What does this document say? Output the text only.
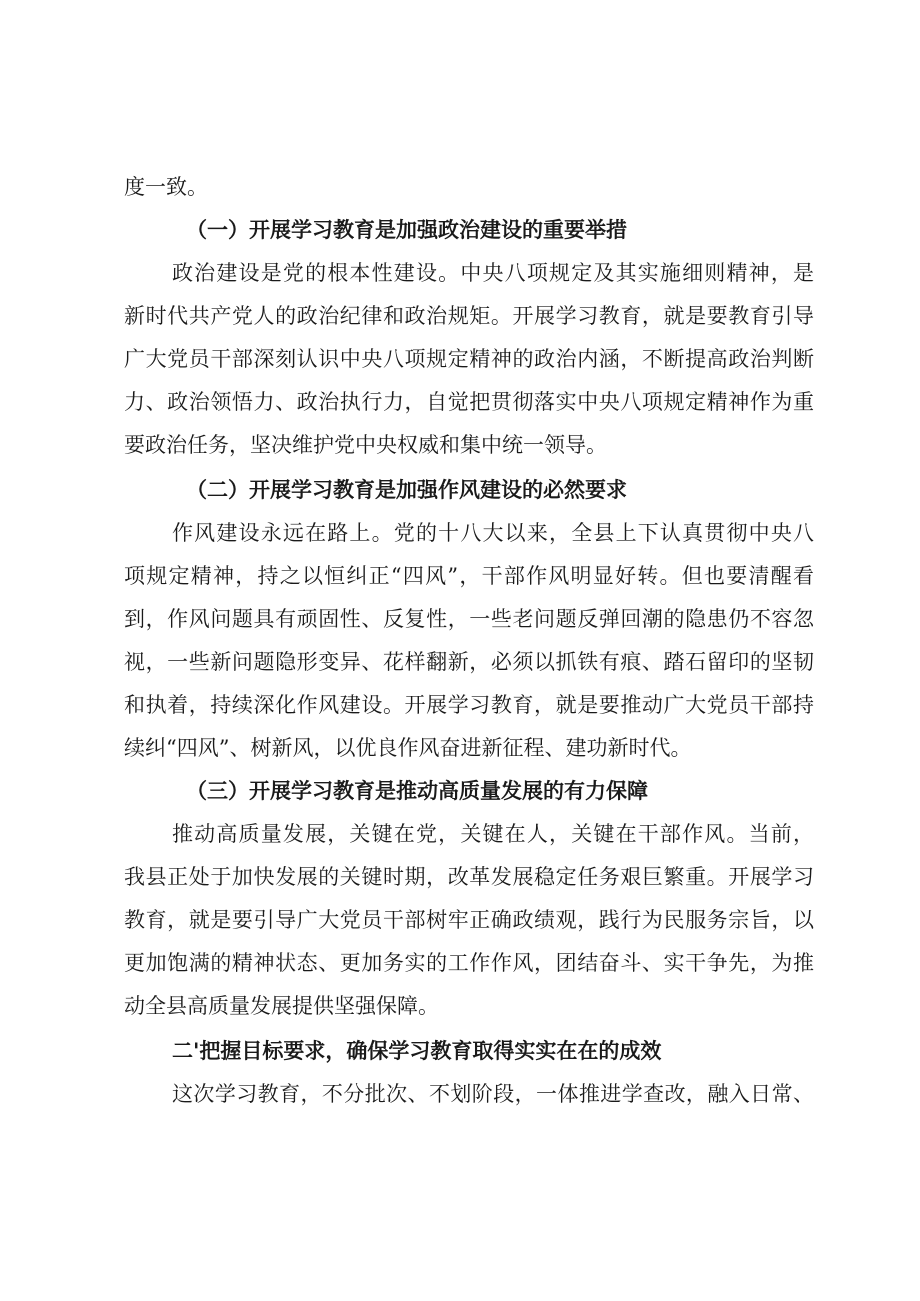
度一致。
（一）开展学习教育是加强政治建设的重要举措
政治建设是党的根本性建设。中央八项规定及其实施细则精神，是
新时代共产党人的政治纪律和政治规矩。开展学习教育，就是要教育引导
广大党员干部深刻认识中央八项规定精神的政治内涵，不断提高政治判断
力、政治领悟力、政治执行力，自觉把贯彻落实中央八项规定精神作为重
要政治任务，坚决维护党中央权威和集中统一领导。
（二）开展学习教育是加强作风建设的必然要求
作风建设永远在路上。党的十八大以来，全县上下认真贯彻中央八
项规定精神，持之以恒纠正“四风”，干部作风明显好转。但也要清醒看
到，作风问题具有顽固性、反复性，一些老问题反弹回潮的隐患仍不容忽
视，一些新问题隐形变异、花样翻新，必须以抓铁有痕、踏石留印的坚韧
和执着，持续深化作风建设。开展学习教育，就是要推动广大党员干部持
续纠“四风”、树新风，以优良作风奋进新征程、建功新时代。
（三）开展学习教育是推动高质量发展的有力保障
推动高质量发展，关键在党，关键在人，关键在干部作风。当前，
我县正处于加快发展的关键时期，改革发展稳定任务艰巨繁重。开展学习
教育，就是要引导广大党员干部树牢正确政绩观，践行为民服务宗旨，以
更加饱满的精神状态、更加务实的工作作风，团结奋斗、实干争先，为推
动全县高质量发展提供坚强保障。
二'把握目标要求，确保学习教育取得实实在在的成效
这次学习教育，不分批次、不划阶段，一体推进学查改，融入日常、
